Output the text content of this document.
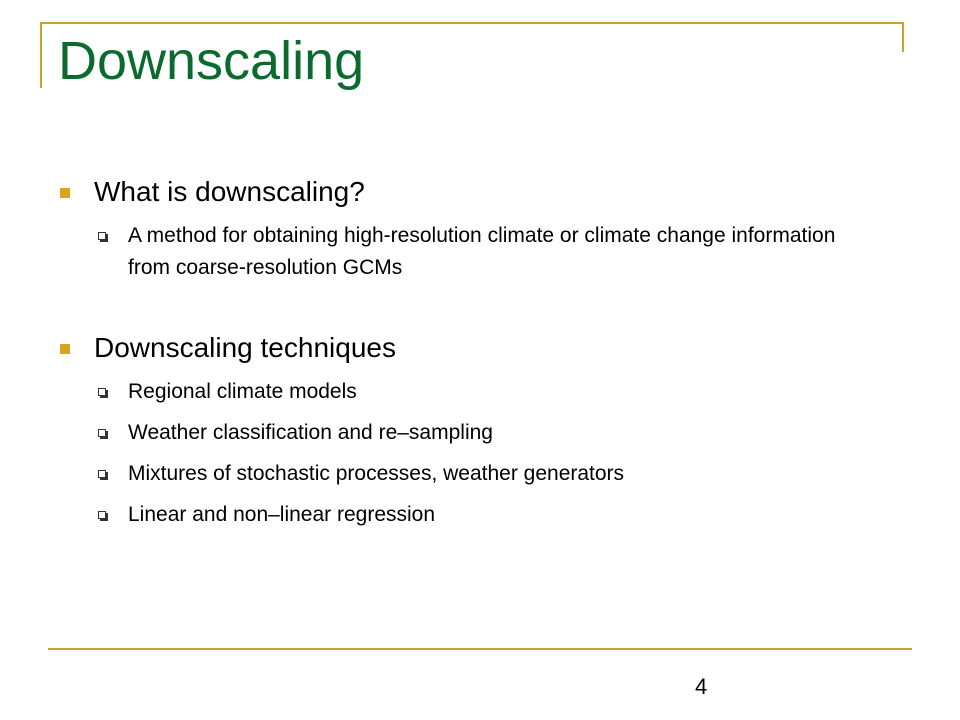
Downscaling
What is downscaling?
A method for obtaining high-resolution climate or climate change information from coarse-resolution GCMs
Downscaling techniques
Regional climate models
Weather classification and re–sampling
Mixtures of stochastic processes, weather generators
Linear and non–linear regression
4
